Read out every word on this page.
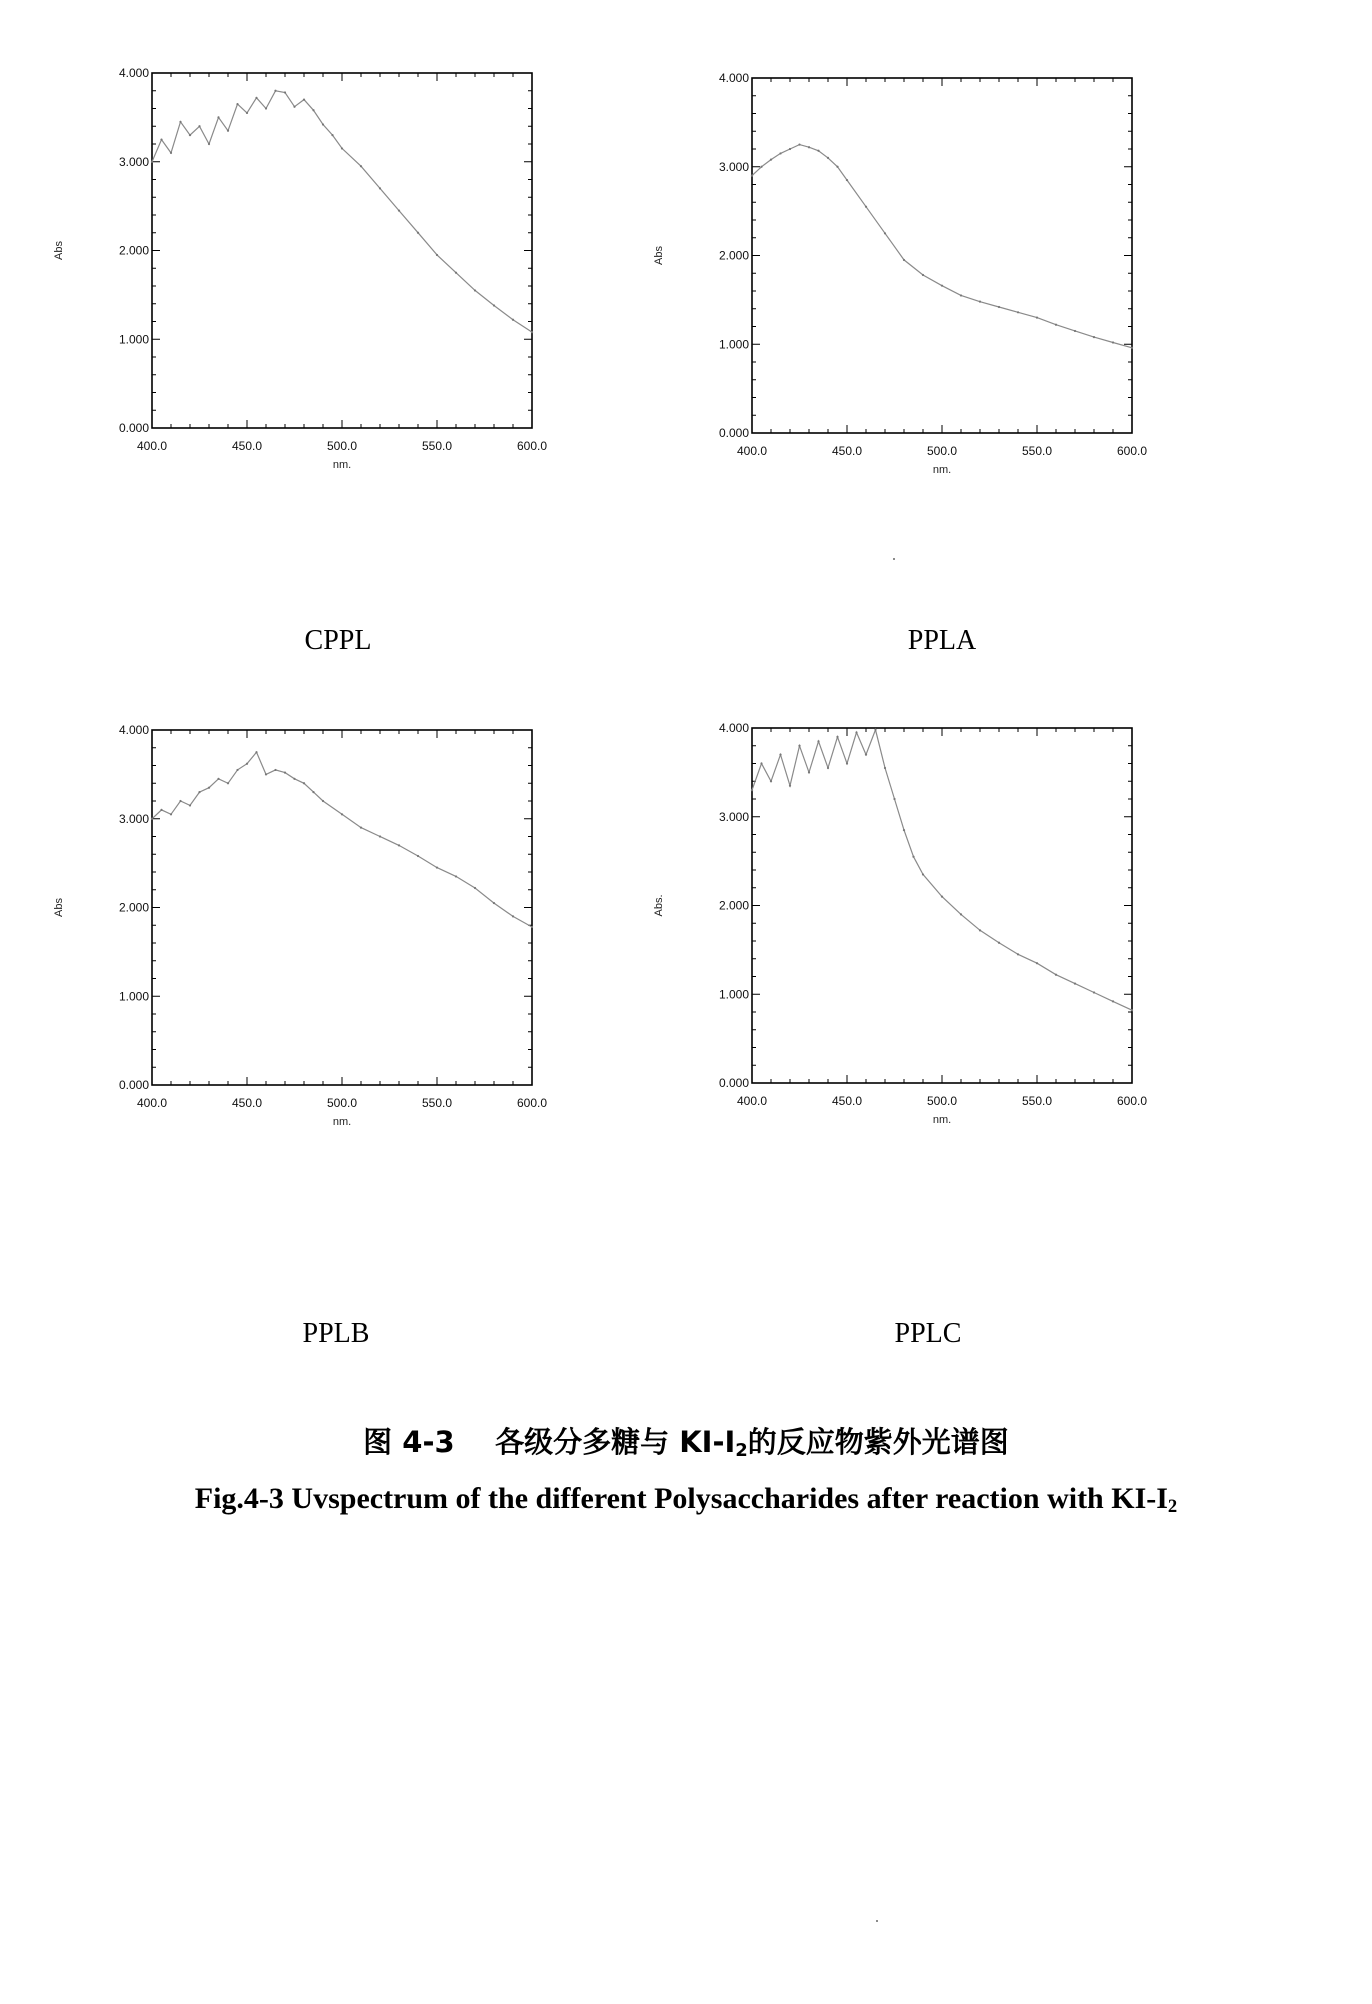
400.0	450.0	500.0	550.0	600.0
0.000
1.000
2.000
3.000
4.000
nm.
Abs
400.0	450.0	500.0	550.0	600.0
0.000
1.000
2.000
3.000
4.000
nm.
Abs
400.0	450.0	500.0	550.0	600.0
0.000
1.000
2.000
3.000
4.000
nm.
Abs
400.0	450.0	500.0	550.0	600.0
0.000
1.000
2.000
3.000
4.000
nm.
Abs.
CPPL	PPLA
PPLB	PPLC
图 4-3 各级分多糖与 $KI-I_2$的反应物紫外光谱图
Fig.4-3 Uvspectrum of the different Polysaccharides after reaction with $KI-I_2$
